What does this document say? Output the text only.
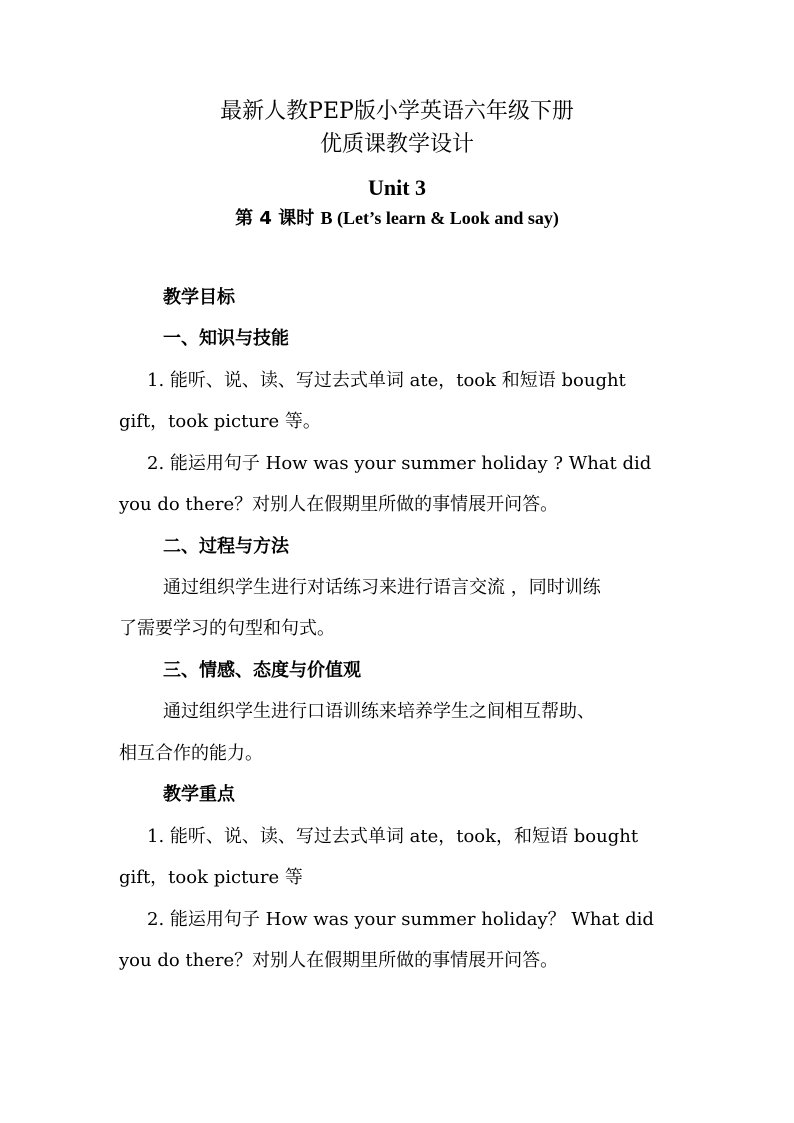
最新人教PEP版小学英语六年级下册
优质课教学设计
Unit 3
第 4 课时 B (Let’s learn & Look and say)
教学目标
一、知识与技能
1. 能听、说、读、写过去式单词 ate，took 和短语 bought
gift，took picture 等。
2. 能运用句子 How was your summer holiday ? What did
you do there？对别人在假期里所做的事情展开问答。
二、过程与方法
通过组织学生进行对话练习来进行语言交流 ，同时训练
了需要学习的句型和句式。
三、情感、态度与价值观
通过组织学生进行口语训练来培养学生之间相互帮助、
相互合作的能力。
教学重点
1. 能听、说、读、写过去式单词 ate，took，和短语 bought
gift，took picture 等
2. 能运用句子 How was your summer holiday？ What did
you do there？对别人在假期里所做的事情展开问答。
